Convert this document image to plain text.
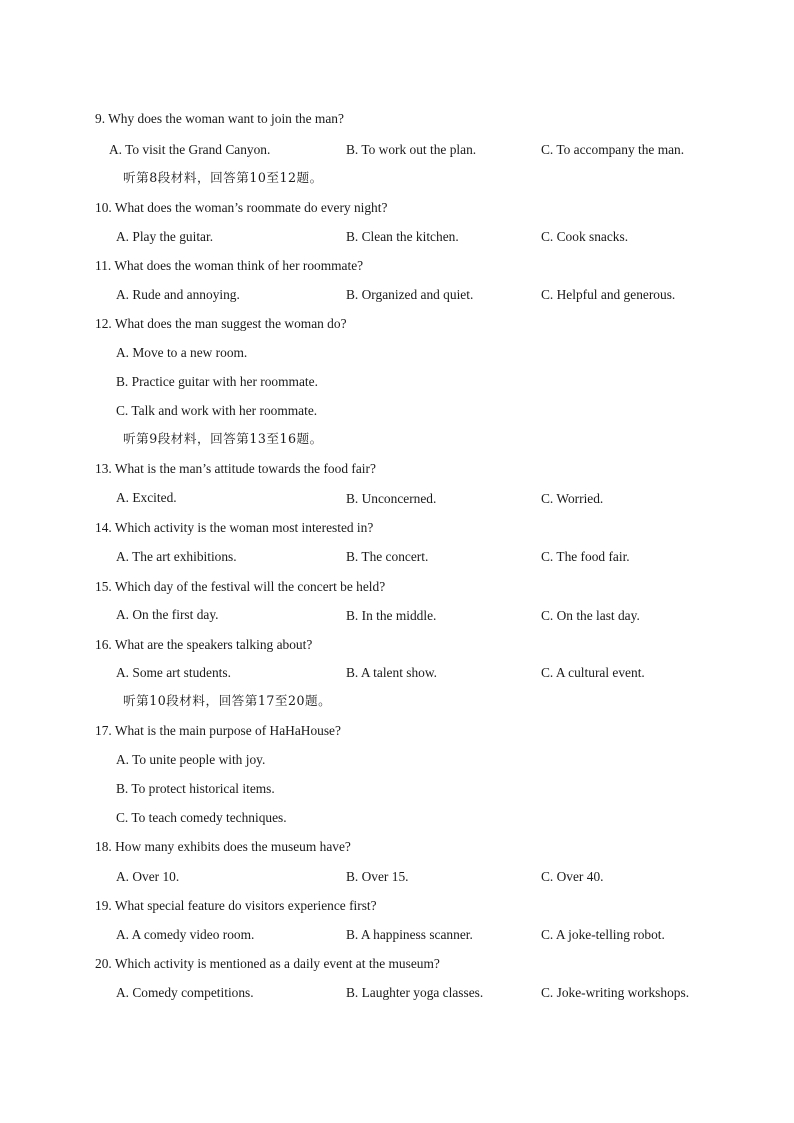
9. Why does the woman want to join the man?
A. To visit the Grand Canyon.	B. To work out the plan.	C. To accompany the man.
听第8段材料，回答第10至12题。
10. What does the woman’s roommate do every night?
A. Play the guitar.	B. Clean the kitchen.	C. Cook snacks.
11. What does the woman think of her roommate?
A. Rude and annoying.	B. Organized and quiet.	C. Helpful and generous.
12. What does the man suggest the woman do?
A. Move to a new room.
B. Practice guitar with her roommate.
C. Talk and work with her roommate.
听第9段材料，回答第13至16题。
13. What is the man’s attitude towards the food fair?
A. Excited.	B. Unconcerned.	C. Worried.
14. Which activity is the woman most interested in?
A. The art exhibitions.	B. The concert.	C. The food fair.
15. Which day of the festival will the concert be held?
A. On the first day.	B. In the middle.	C. On the last day.
16. What are the speakers talking about?
A. Some art students.	B. A talent show.	C. A cultural event.
听第10段材料，回答第17至20题。
17. What is the main purpose of HaHaHouse?
A. To unite people with joy.
B. To protect historical items.
C. To teach comedy techniques.
18. How many exhibits does the museum have?
A. Over 10.	B. Over 15.	C. Over 40.
19. What special feature do visitors experience first?
A. A comedy video room.	B. A happiness scanner.	C. A joke-telling robot.
20. Which activity is mentioned as a daily event at the museum?
A. Comedy competitions.	B. Laughter yoga classes.	C. Joke-writing workshops.
